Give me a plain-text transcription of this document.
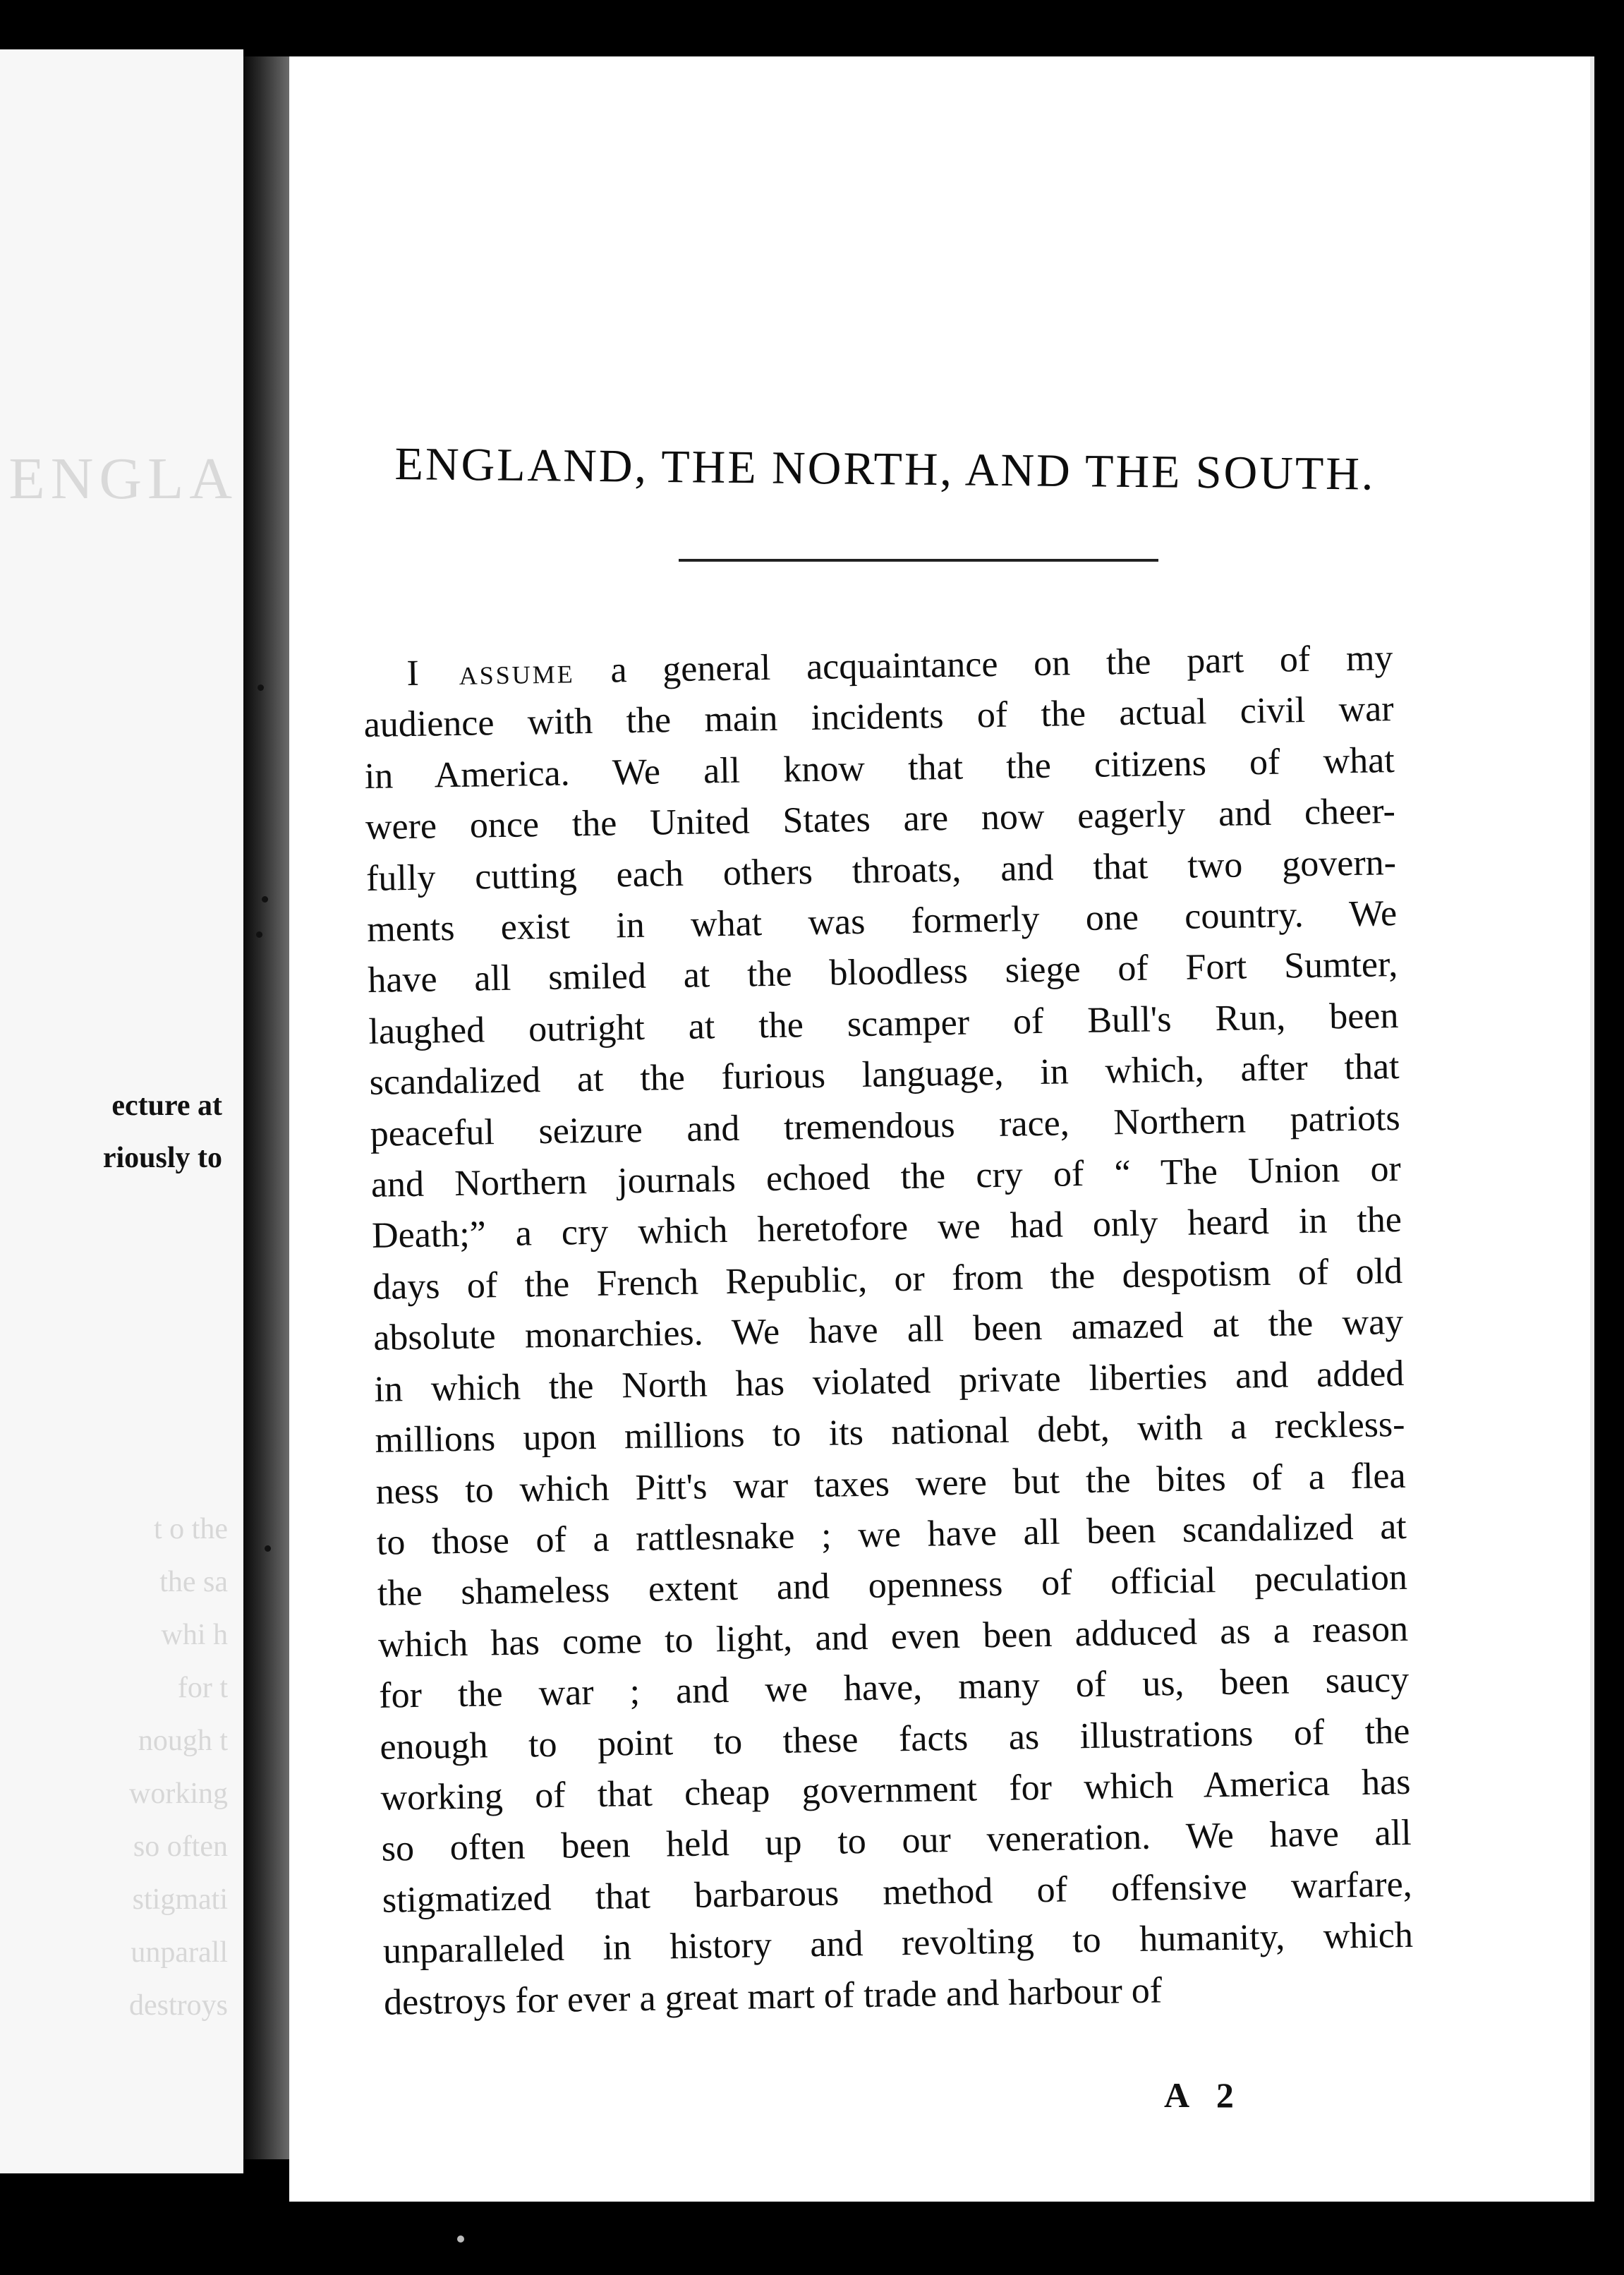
ENGLA
ecture at
riously to
t o the
the sa
whi h
for t
nough t
working
so often
stigmati
unparall
destroys
ENGLAND, THE NORTH, AND THE SOUTH.
I assume a general acquaintance on the part of my
audience with the main incidents of the actual civil war
in America. We all know that the citizens of what
were once the United States are now eagerly and cheer-
fully cutting each others throats, and that two govern-
ments exist in what was formerly one country. We
have all smiled at the bloodless siege of Fort Sumter,
laughed outright at the scamper of Bull's Run, been
scandalized at the furious language, in which, after that
peaceful seizure and tremendous race, Northern patriots
and Northern journals echoed the cry of “ The Union or
Death;” a cry which heretofore we had only heard in the
days of the French Republic, or from the despotism of old
absolute monarchies. We have all been amazed at the way
in which the North has violated private liberties and added
millions upon millions to its national debt, with a reckless-
ness to which Pitt's war taxes were but the bites of a flea
to those of a rattlesnake ; we have all been scandalized at
the shameless extent and openness of official peculation
which has come to light, and even been adduced as a reason
for the war ; and we have, many of us, been saucy
enough to point to these facts as illustrations of the
working of that cheap government for which America has
so often been held up to our veneration. We have all
stigmatized that barbarous method of offensive warfare,
unparalleled in history and revolting to humanity, which
destroys for ever a great mart of trade and harbour of
A 2
